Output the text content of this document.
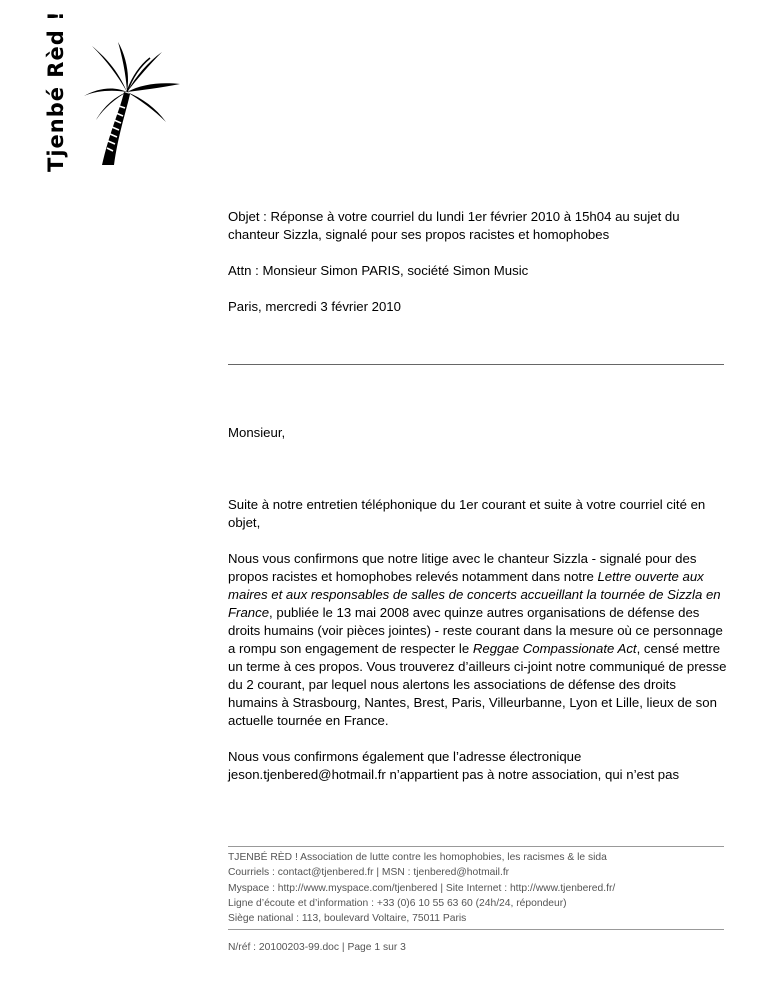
Tjenbé Rèd !

Objet : Réponse à votre courriel du lundi 1er février 2010 à 15h04 au sujet du chanteur Sizzla, signalé pour ses propos racistes et homophobes

Attn : Monsieur Simon PARIS, société Simon Music

Paris, mercredi 3 février 2010

Monsieur,

Suite à notre entretien téléphonique du 1er courant et suite à votre courriel cité en objet,

Nous vous confirmons que notre litige avec le chanteur Sizzla - signalé pour des propos racistes et homophobes relevés notamment dans notre Lettre ouverte aux maires et aux responsables de salles de concerts accueillant la tournée de Sizzla en France, publiée le 13 mai 2008 avec quinze autres organisations de défense des droits humains (voir pièces jointes) - reste courant dans la mesure où ce personnage a rompu son engagement de respecter le Reggae Compassionate Act, censé mettre un terme à ces propos. Vous trouverez d’ailleurs ci-joint notre communiqué de presse du 2 courant, par lequel nous alertons les associations de défense des droits humains à Strasbourg, Nantes, Brest, Paris, Villeurbanne, Lyon et Lille, lieux de son actuelle tournée en France.

Nous vous confirmons également que l’adresse électronique jeson.tjenbered@hotmail.fr n’appartient pas à notre association, qui n’est pas

TJENBÉ RÈD ! Association de lutte contre les homophobies, les racismes & le sida
Courriels : contact@tjenbered.fr | MSN : tjenbered@hotmail.fr
Myspace : http://www.myspace.com/tjenbered | Site Internet : http://www.tjenbered.fr/
Ligne d’écoute et d’information : +33 (0)6 10 55 63 60 (24h/24, répondeur)
Siège national : 113, boulevard Voltaire, 75011 Paris
N/réf : 20100203-99.doc | Page 1 sur 3
